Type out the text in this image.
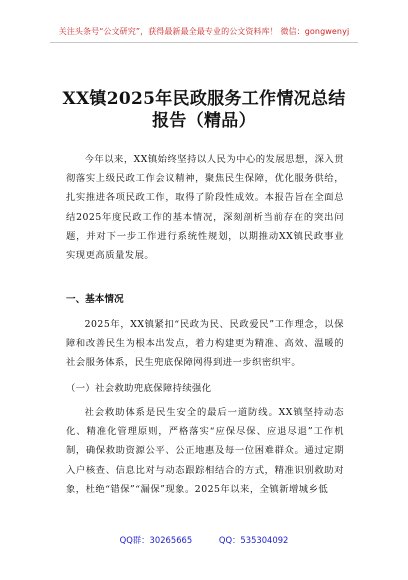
关注头条号“公文研究”，获得最新最全最专业的公文资料库！ 微信：gongwenyj
XX镇2025年民政服务工作情况总结报告（精品）

今年以来，XX镇始终坚持以人民为中心的发展思想，深入贯彻落实上级民政工作会议精神，聚焦民生保障，优化服务供给，扎实推进各项民政工作，取得了阶段性成效。本报告旨在全面总结2025年度民政工作的基本情况，深刻剖析当前存在的突出问题，并对下一步工作进行系统性规划，以期推动XX镇民政事业实现更高质量发展。

一、基本情况

2025年，XX镇紧扣“民政为民、民政爱民”工作理念，以保障和改善民生为根本出发点，着力构建更为精准、高效、温暖的社会服务体系，民生兜底保障网得到进一步织密织牢。

（一）社会救助兜底保障持续强化

社会救助体系是民生安全的最后一道防线。XX镇坚持动态化、精准化管理原则，严格落实“应保尽保、应退尽退”工作机制，确保救助资源公平、公正地惠及每一位困难群众。通过定期入户核查、信息比对与动态跟踪相结合的方式，精准识别救助对象，杜绝“错保”“漏保”现象。2025年以来，全镇新增城乡低

QQ群：30265665	QQ：535304092
